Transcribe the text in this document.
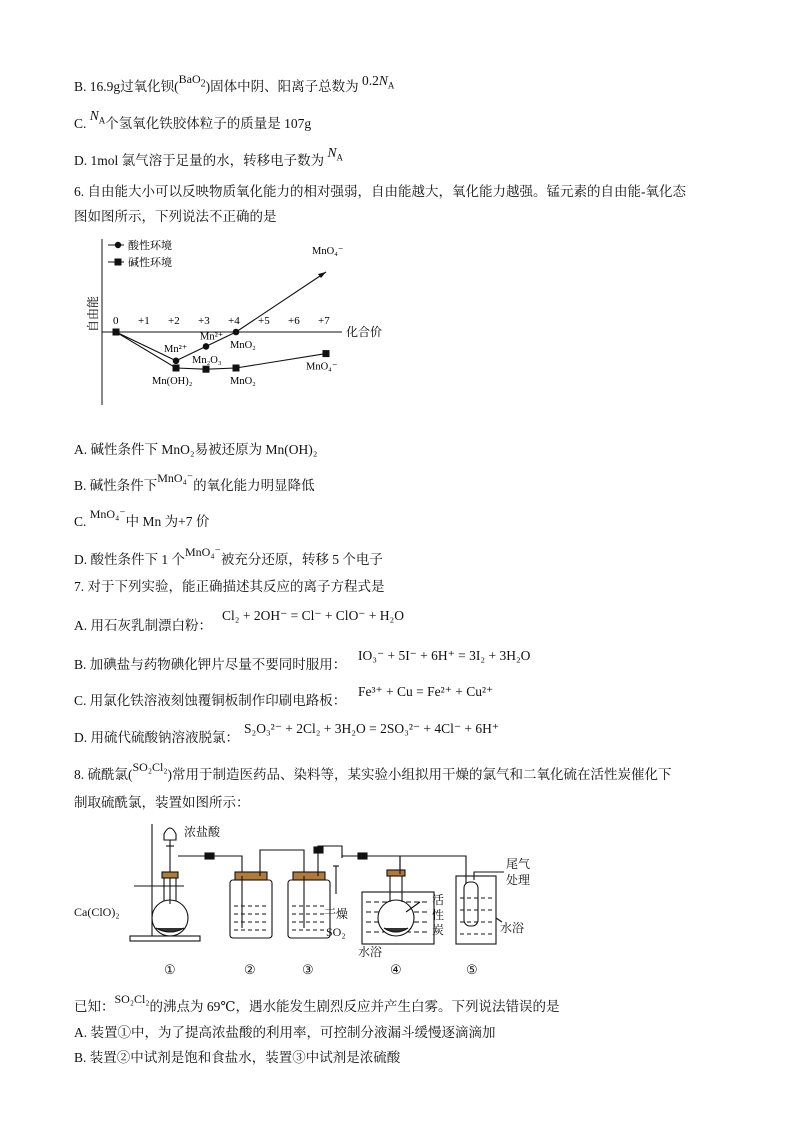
B. 16.9g过氧化钡(BaO$_2$)固体中阴、阳离子总数为 $0.2N_A$
C. $N_A$个氢氧化铁胶体粒子的质量是 107g
D. 1mol 氯气溶于足量的水，转移电子数为 $N_A$
6. 自由能大小可以反映物质氧化能力的相对强弱，自由能越大，氧化能力越强。锰元素的自由能-氧化态
图如图所示，下列说法不正确的是
自由能	化合价
酸性环境
碱性环境
0 +1 +2 +3 +4 +5 +6 +7
Mn²⁺
Mn²⁺
MnO₂
MnO₄⁻
Mn(OH)₂
Mn₂O₃
MnO₂
MnO₄⁻
A. 碱性条件下 MnO₂易被还原为 Mn(OH)₂
B. 碱性条件下MnO₄⁻的氧化能力明显降低
C. MnO₄⁻中 Mn 为+7 价
D. 酸性条件下 1 个MnO₄⁻被充分还原，转移 5 个电子
7. 对于下列实验，能正确描述其反应的离子方程式是
A. 用石灰乳制漂白粉：
Cl₂ + 2OH⁻ = Cl⁻ + ClO⁻ + H₂O
B. 加碘盐与药物碘化钾片尽量不要同时服用：
IO₃⁻ + 5I⁻ + 6H⁺ = 3I₂ + 3H₂O
C. 用氯化铁溶液刻蚀覆铜板制作印刷电路板：
Fe³⁺ + Cu = Fe²⁺ + Cu²⁺
D. 用硫代硫酸钠溶液脱氯：
S₂O₃²⁻ + 2Cl₂ + 3H₂O = 2SO₃²⁻ + 4Cl⁻ + 6H⁺
8. 硫酰氯(SO₂Cl₂)常用于制造医药品、染料等，某实验小组拟用干燥的氯气和二氧化硫在活性炭催化下
制取硫酰氯，装置如图所示：
浓盐酸
Ca(ClO)₂	干燥
SO₂
活
性
炭
水浴
水浴
尾气
处理
①	②	③	④	⑤
已知：SO₂Cl₂的沸点为 69℃，遇水能发生剧烈反应并产生白雾。下列说法错误的是
A. 装置①中，为了提高浓盐酸的利用率，可控制分液漏斗缓慢逐滴滴加
B. 装置②中试剂是饱和食盐水，装置③中试剂是浓硫酸
